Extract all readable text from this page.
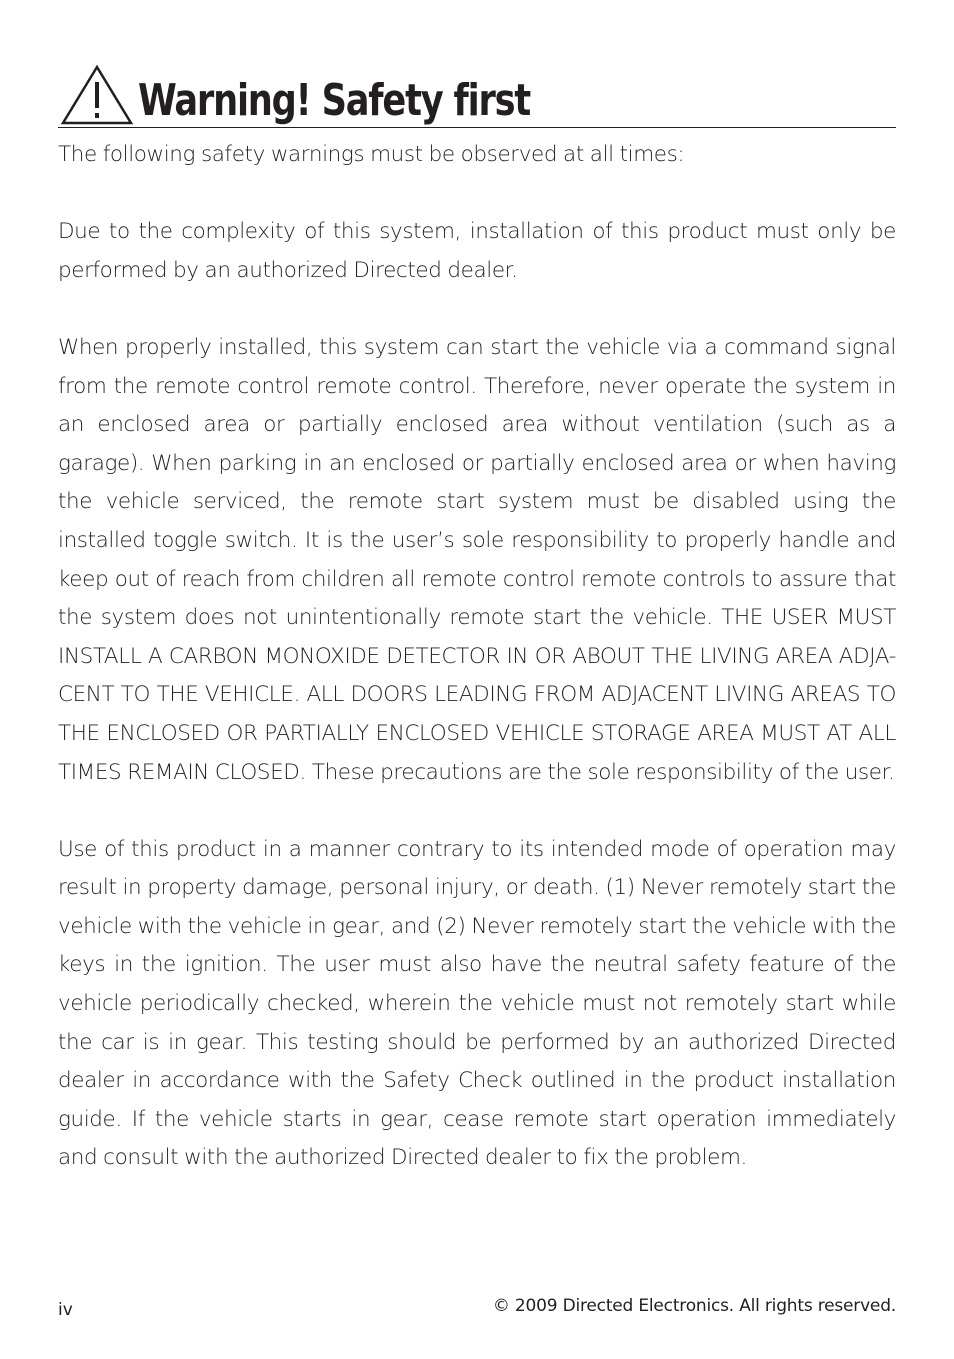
Warning! Safety first

The following safety warnings must be observed at all times:

Due to the complexity of this system, installation of this product must only be performed by an authorized Directed dealer.

When properly installed, this system can start the vehicle via a command signal from the remote control remote control. Therefore, never operate the system in an enclosed area or partially enclosed area without ventilation (such as a garage). When parking in an enclosed or partially enclosed area or when having the vehicle serviced, the remote start system must be disabled using the installed toggle switch. It is the user’s sole responsibility to properly handle and keep out of reach from children all remote control remote controls to assure that the system does not unintentionally remote start the vehicle. THE USER MUST INSTALL A CARBON MONOXIDE DETECTOR IN OR ABOUT THE LIVING AREA ADJA-CENT TO THE VEHICLE. ALL DOORS LEADING FROM ADJACENT LIVING AREAS TO THE ENCLOSED OR PARTIALLY ENCLOSED VEHICLE STORAGE AREA MUST AT ALL TIMES REMAIN CLOSED. These precautions are the sole responsibility of the user.

Use of this product in a manner contrary to its intended mode of operation may result in property damage, personal injury, or death. (1) Never remotely start the vehicle with the vehicle in gear, and (2) Never remotely start the vehicle with the keys in the ignition. The user must also have the neutral safety feature of the vehicle periodically checked, wherein the vehicle must not remotely start while the car is in gear. This testing should be performed by an authorized Directed dealer in accordance with the Safety Check outlined in the product installation guide. If the vehicle starts in gear, cease remote start operation immediately and consult with the authorized Directed dealer to fix the problem.

iv	© 2009 Directed Electronics. All rights reserved.
